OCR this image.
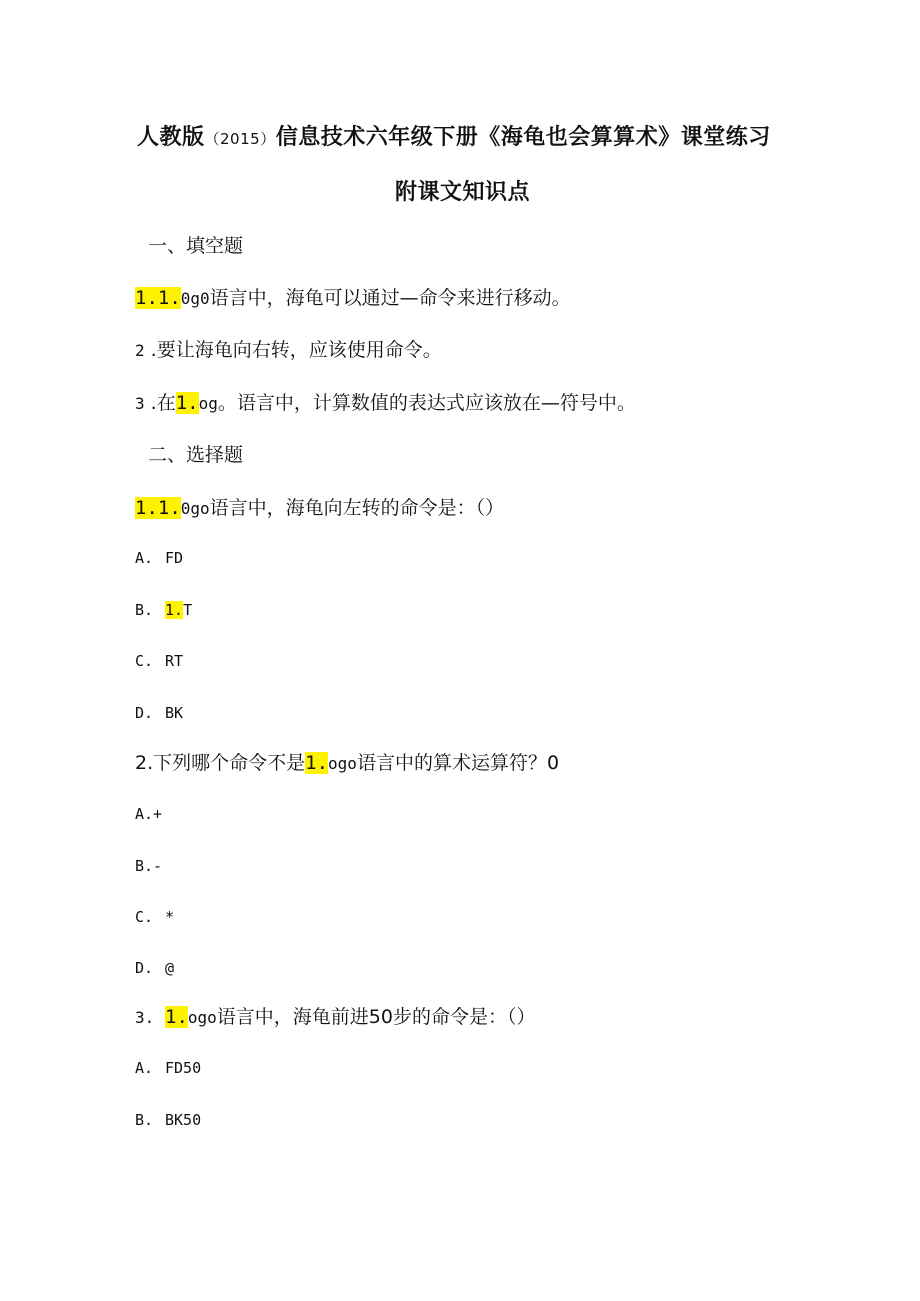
人教版（2015）信息技术六年级下册《海龟也会算算术》课堂练习
附课文知识点
一、填空题
1.1.0g0语言中，海龟可以通过—命令来进行移动。
2 .要让海龟向右转，应该使用命令。
3 .在1.og。语言中，计算数值的表达式应该放在—符号中。
二、选择题
1.1.0go语言中，海龟向左转的命令是：（）
A. FD
B. 1.T
C. RT
D. BK
2.下列哪个命令不是1.ogo语言中的算术运算符？0
A.+
B.-
C. *
D. @
3. 1.ogo语言中，海龟前进50步的命令是：（）
A. FD50
B. BK50
